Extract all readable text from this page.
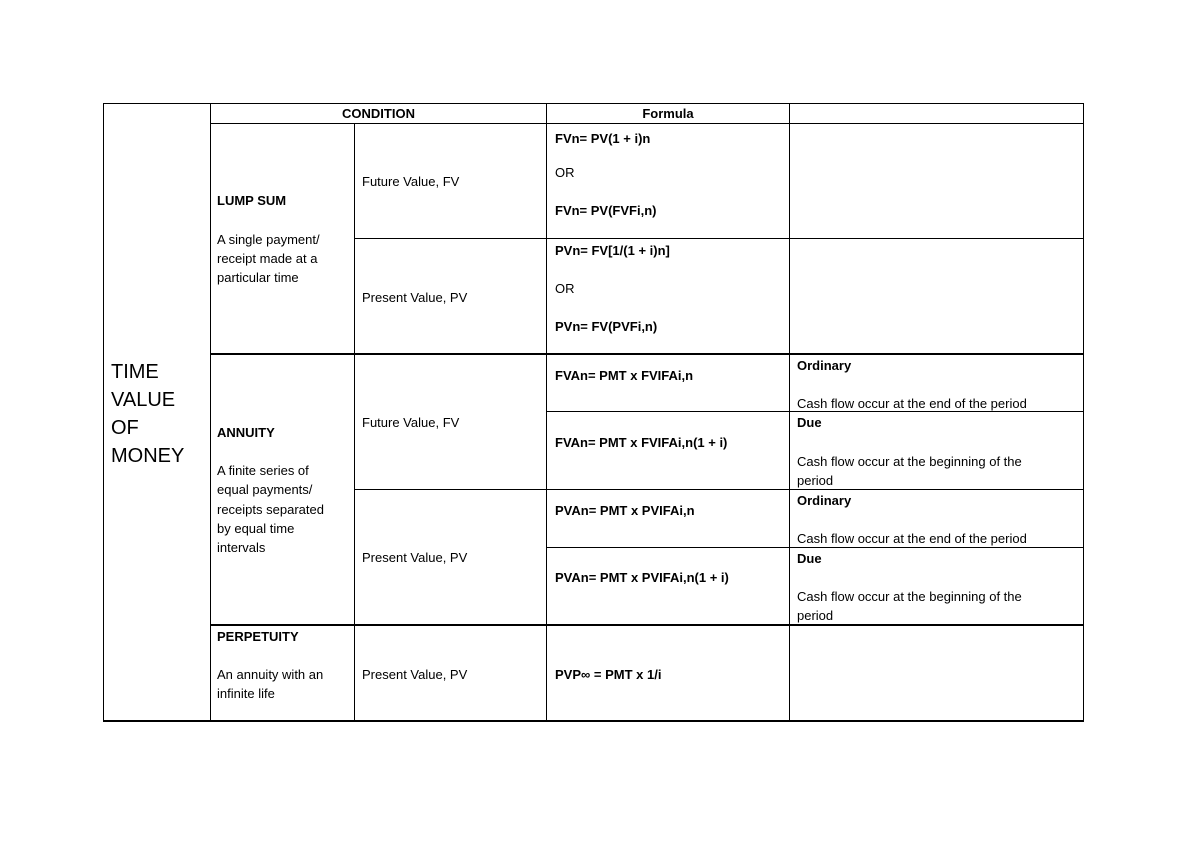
TIME
VALUE
OF
MONEY
CONDITION	Formula
LUMP SUM
A single payment/
receipt made at a
particular time
Future Value, FV
Present Value, PV
FVn= PV(1 + i)n
OR
FVn= PV(FVFi,n)
PVn= FV[1/(1 + i)n]
OR
PVn= FV(PVFi,n)
ANNUITY
A finite series of
equal payments/
receipts separated
by equal time
intervals
Future Value, FV
Present Value, PV
FVAn= PMT x FVIFAi,n
FVAn= PMT x FVIFAi,n(1 + i)
PVAn= PMT x PVIFAi,n
PVAn= PMT x PVIFAi,n(1 + i)
Ordinary
Cash flow occur at the end of the period
Due
Cash flow occur at the beginning of the
period
Ordinary
Cash flow occur at the end of the period
Due
Cash flow occur at the beginning of the
period
PERPETUITY
An annuity with an
infinite life
Present Value, PV	PVP∞ = PMT x 1/i
